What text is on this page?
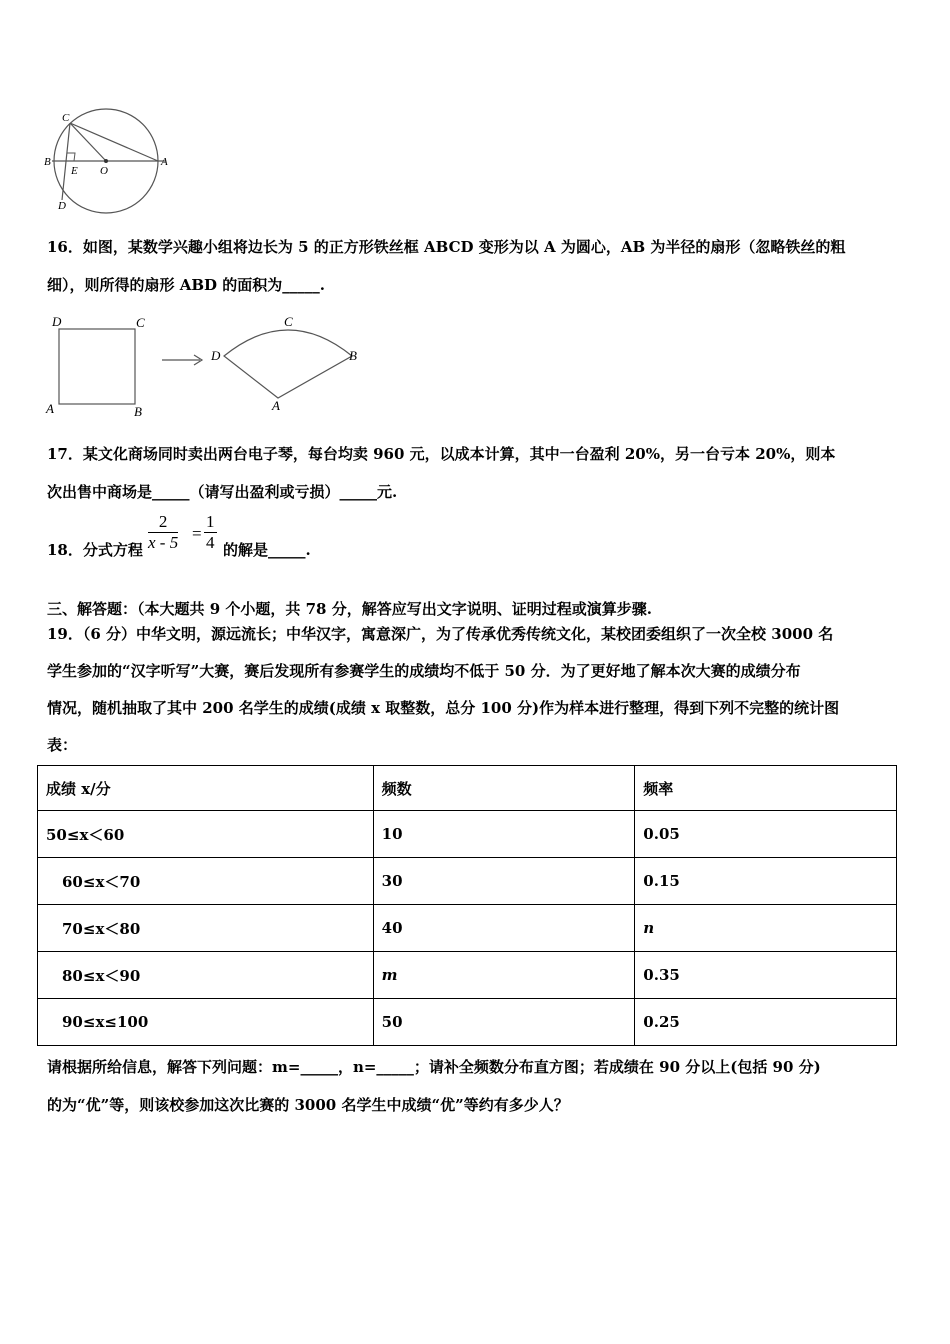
C
B
E O
A
D
16．如图，某数学兴趣小组将边长为 5 的正方形铁丝框 ABCD 变形为以 A 为圆心，AB 为半径的扇形（忽略铁丝的粗
细），则所得的扇形 ABD 的面积为_____.
D	C
A	B
D
C
B
A
17．某文化商场同时卖出两台电子琴，每台均卖 960 元，以成本计算，其中一台盈利 20%，另一台亏本 20%，则本
次出售中商场是_____（请写出盈利或亏损）_____元.
18．分式方程 $\frac{2}{x - 5} = \frac{1}{4}$ 的解是_____.
三、解答题：（本大题共 9 个小题，共 78 分，解答应写出文字说明、证明过程或演算步骤.
19．（6 分）中华文明，源远流长；中华汉字，寓意深广，为了传承优秀传统文化，某校团委组织了一次全校 3000 名
学生参加的“汉字听写”大赛，赛后发现所有参赛学生的成绩均不低于 50 分．为了更好地了解本次大赛的成绩分布
情况，随机抽取了其中 200 名学生的成绩(成绩 x 取整数，总分 100 分)作为样本进行整理，得到下列不完整的统计图
表：
成绩 x/分	频数	频率
50≤x＜60	10	0.05
60≤x＜70	30	0.15
70≤x＜80	40	n
80≤x＜90	m	0.35
90≤x≤100	50	0.25
请根据所给信息，解答下列问题：m=_____，n=_____；请补全频数分布直方图；若成绩在 90 分以上(包括 90 分)
的为“优”等，则该校参加这次比赛的 3000 名学生中成绩“优”等约有多少人？
